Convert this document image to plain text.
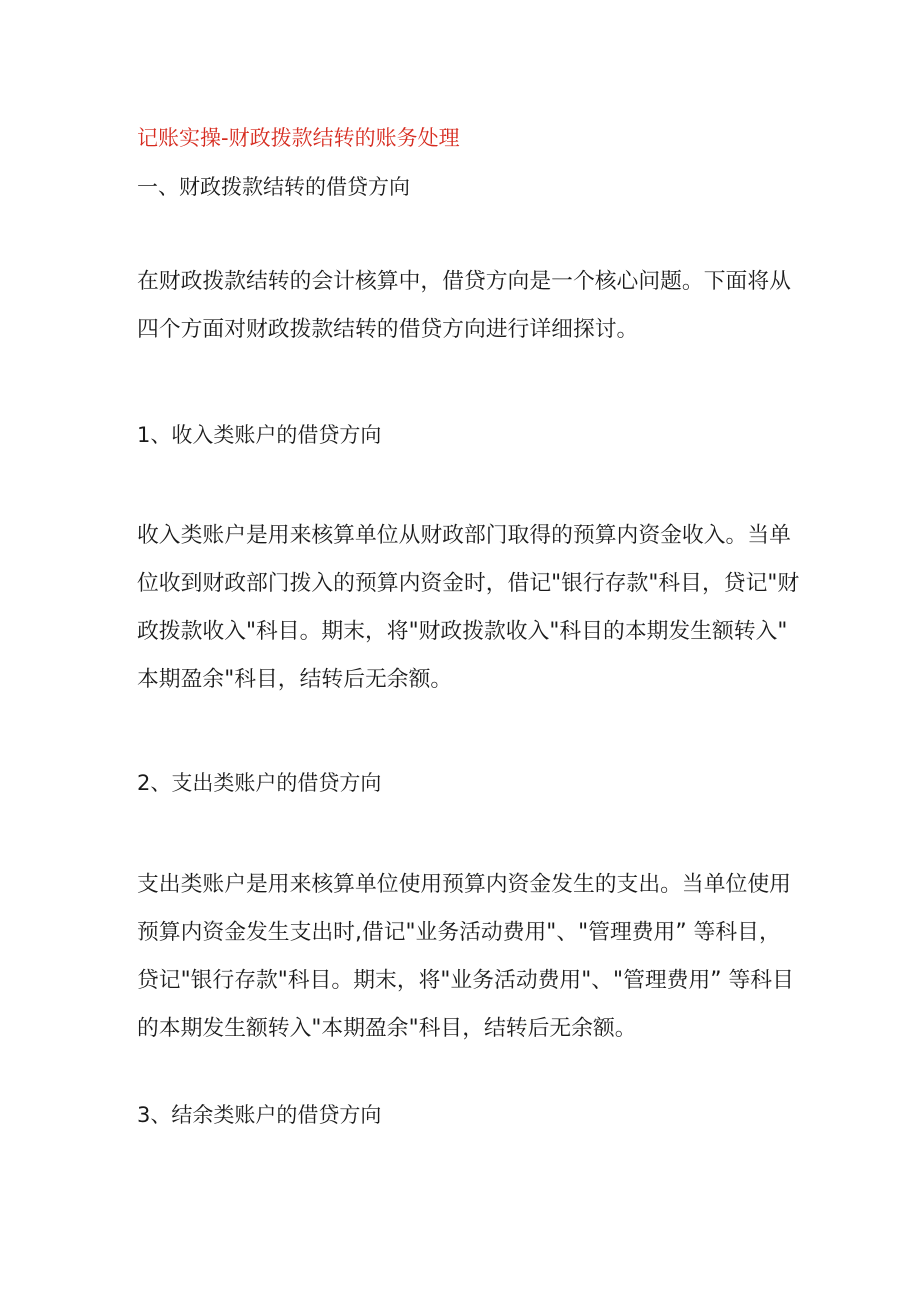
记账实操-财政拨款结转的账务处理

一、财政拨款结转的借贷方向

在财政拨款结转的会计核算中，借贷方向是一个核心问题。下面将从

四个方面对财政拨款结转的借贷方向进行详细探讨。

1、收入类账户的借贷方向

收入类账户是用来核算单位从财政部门取得的预算内资金收入。当单

位收到财政部门拨入的预算内资金时，借记"银行存款"科目，贷记"财

政拨款收入"科目。期末，将"财政拨款收入"科目的本期发生额转入"

本期盈余"科目，结转后无余额。

2、支出类账户的借贷方向

支出类账户是用来核算单位使用预算内资金发生的支出。当单位使用

预算内资金发生支出时,借记"业务活动费用"、"管理费用” 等科目，

贷记"银行存款"科目。期末，将"业务活动费用"、"管理费用” 等科目

的本期发生额转入"本期盈余"科目，结转后无余额。

3、结余类账户的借贷方向
